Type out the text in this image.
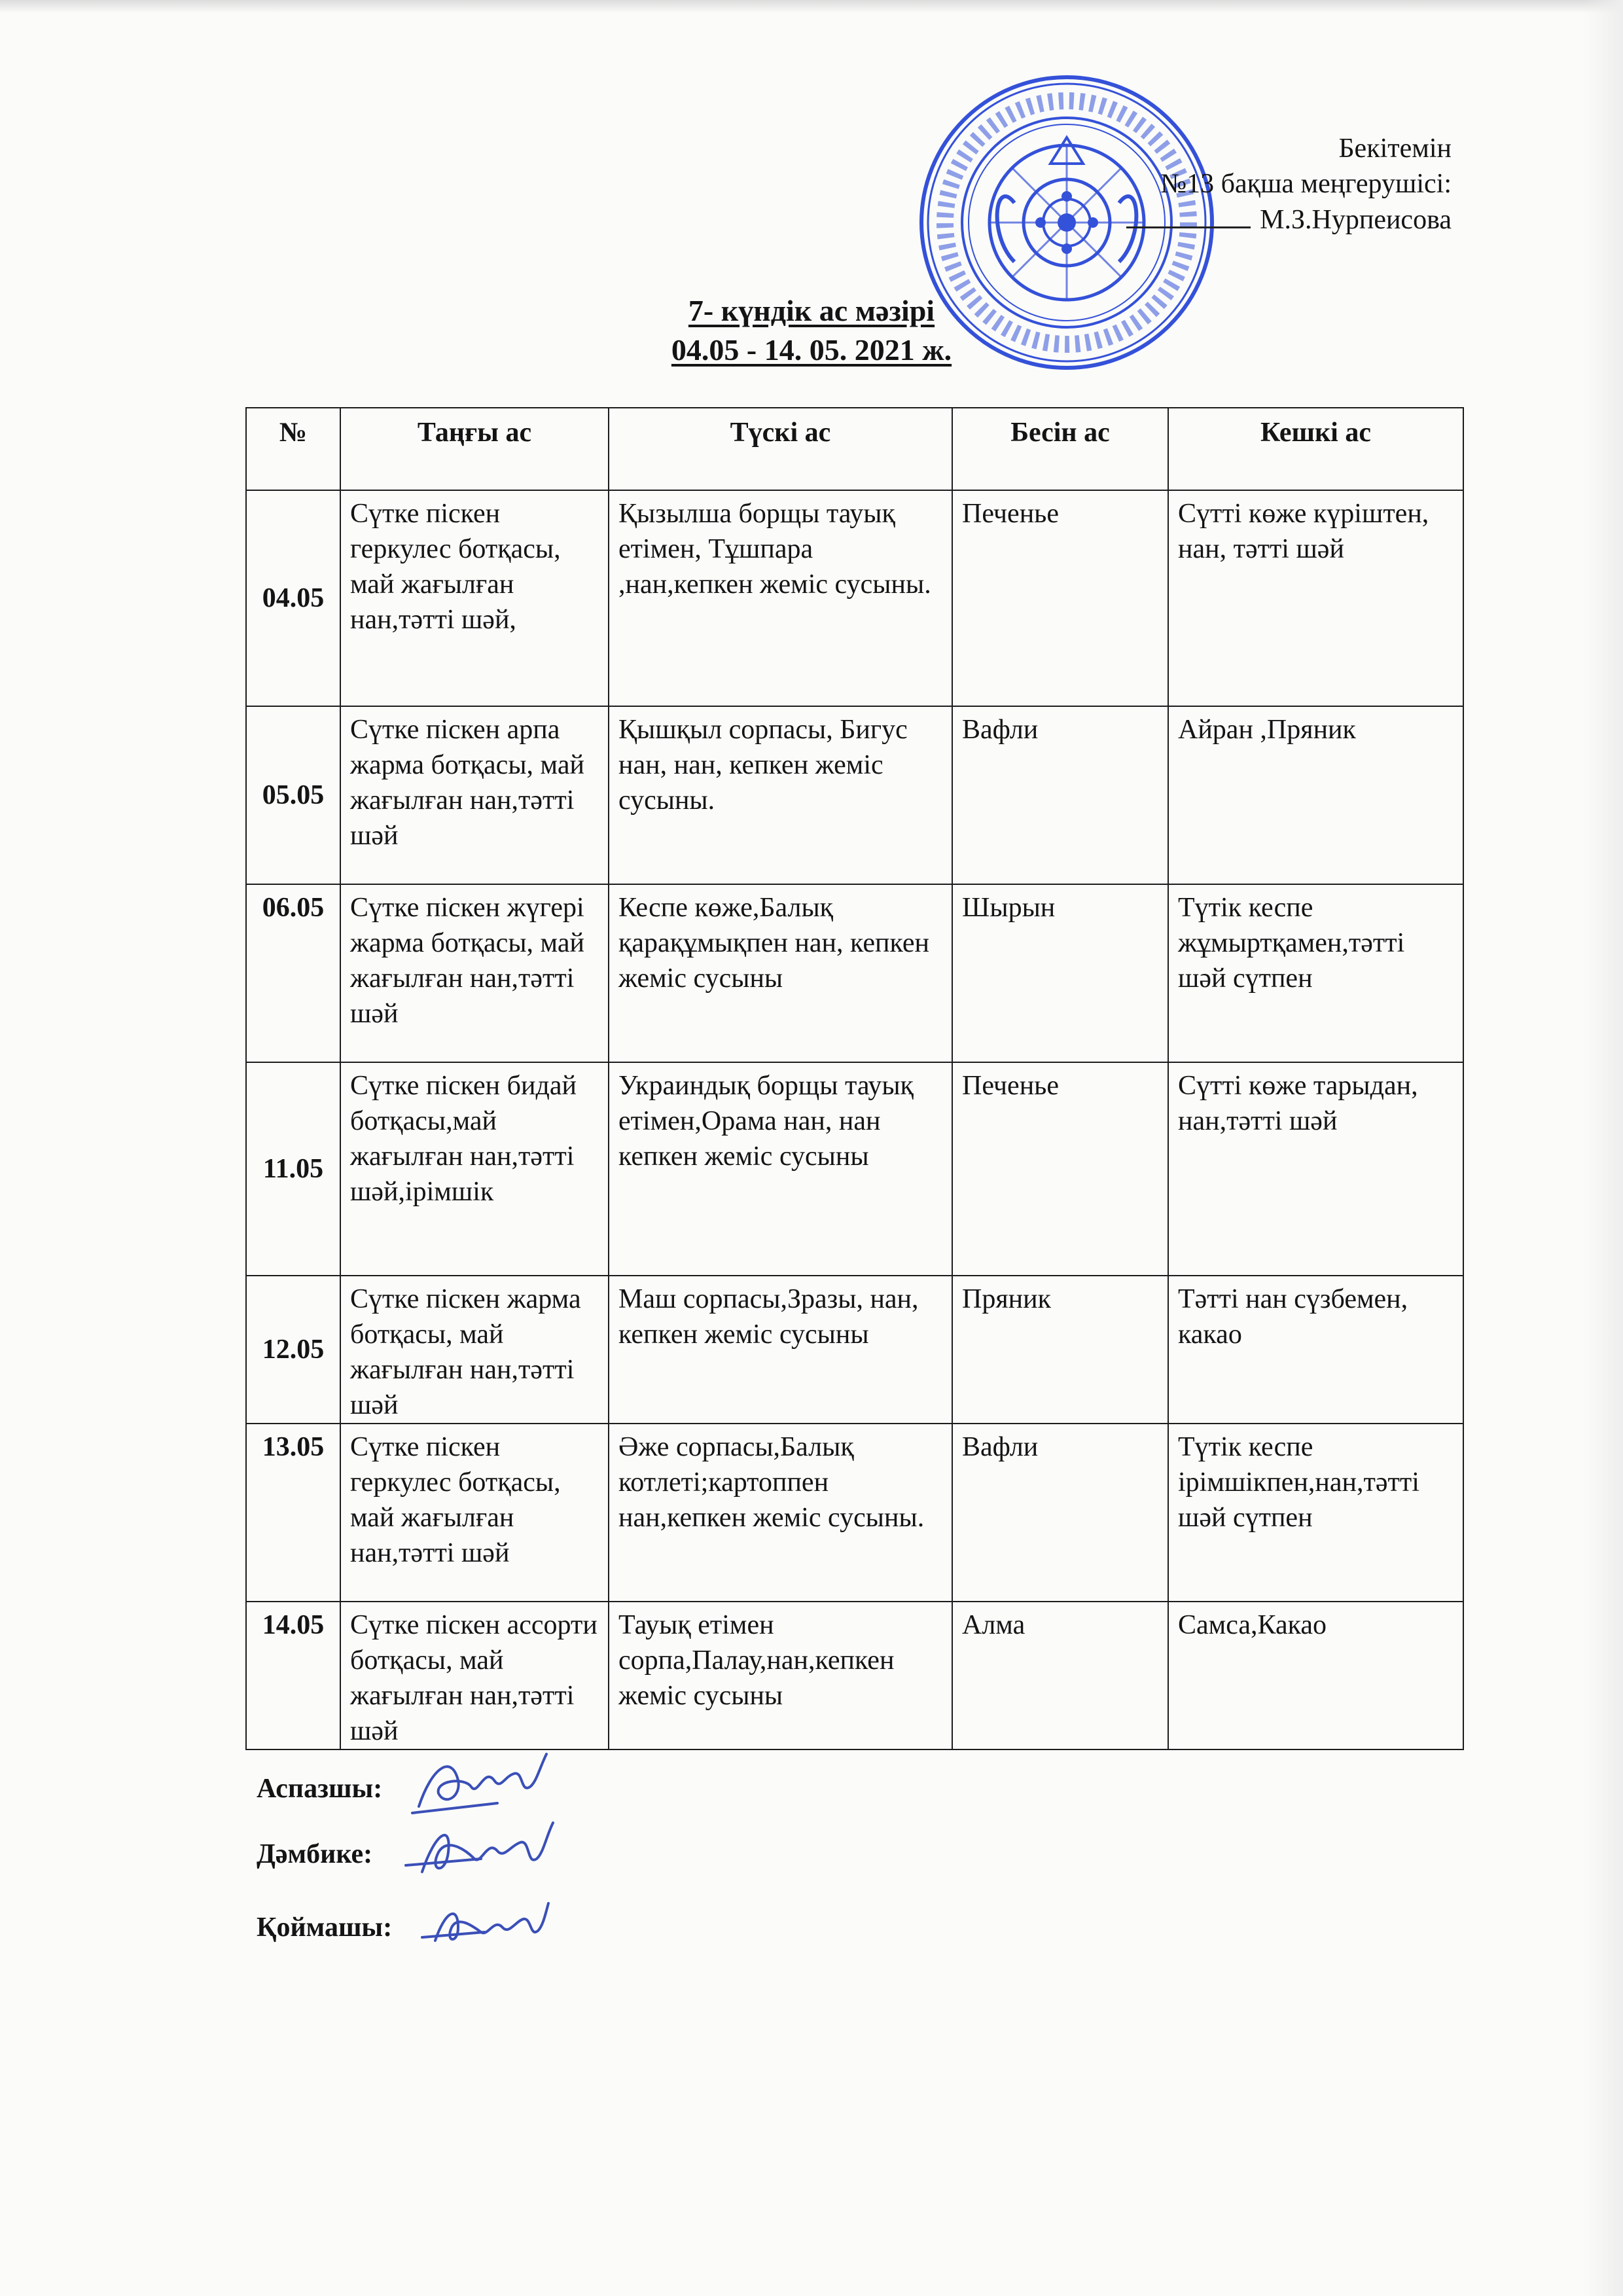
Бекітемін
№13 бақша меңгерушісі:
М.З.Нурпеисова
7- күндік ас мәзірі
04.05 - 14. 05. 2021 ж.
№	Таңғы ас	Түскі ас	Бесін ас	Кешкі ас
04.05	Сүтке піскен геркулес ботқасы, май жағылған нан,тәтті шәй,	Қызылша борщы тауық етімен, Тұшпара ,нан,кепкен жеміс сусыны.	Печенье	Сүтті көже күріштен, нан, тәтті шәй
05.05	Сүтке піскен арпа жарма ботқасы, май жағылған нан,тәтті шәй	Қышқыл сорпасы, Бигус нан, нан, кепкен жеміс сусыны.	Вафли	Айран ,Пряник
06.05	Сүтке піскен жүгері жарма ботқасы, май жағылған нан,тәтті шәй	Кеспе көже,Балық қарақұмықпен нан, кепкен жеміс сусыны	Шырын	Түтік кеспе жұмыртқамен,тәтті шәй сүтпен
11.05	Сүтке піскен бидай ботқасы,май жағылған нан,тәтті шәй,ірімшік	Украиндық борщы тауық етімен,Орама нан, нан кепкен жеміс сусыны	Печенье	Сүтті көже тарыдан, нан,тәтті шәй
12.05	Сүтке піскен жарма ботқасы, май жағылған нан,тәтті шәй	Маш сорпасы,Зразы, нан, кепкен жеміс сусыны	Пряник	Тәтті нан сүзбемен, какао
13.05	Сүтке піскен геркулес ботқасы, май жағылған нан,тәтті шәй	Әже сорпасы,Балық котлеті;картоппен нан,кепкен жеміс сусыны.	Вафли	Түтік кеспе ірімшікпен,нан,тәтті шәй сүтпен
14.05	Сүтке піскен ассорти ботқасы, май жағылған нан,тәтті шәй	Тауық етімен сорпа,Палау,нан,кепкен жеміс сусыны	Алма	Самса,Какао
Аспазшы:
Дәмбике:
Қоймашы:
